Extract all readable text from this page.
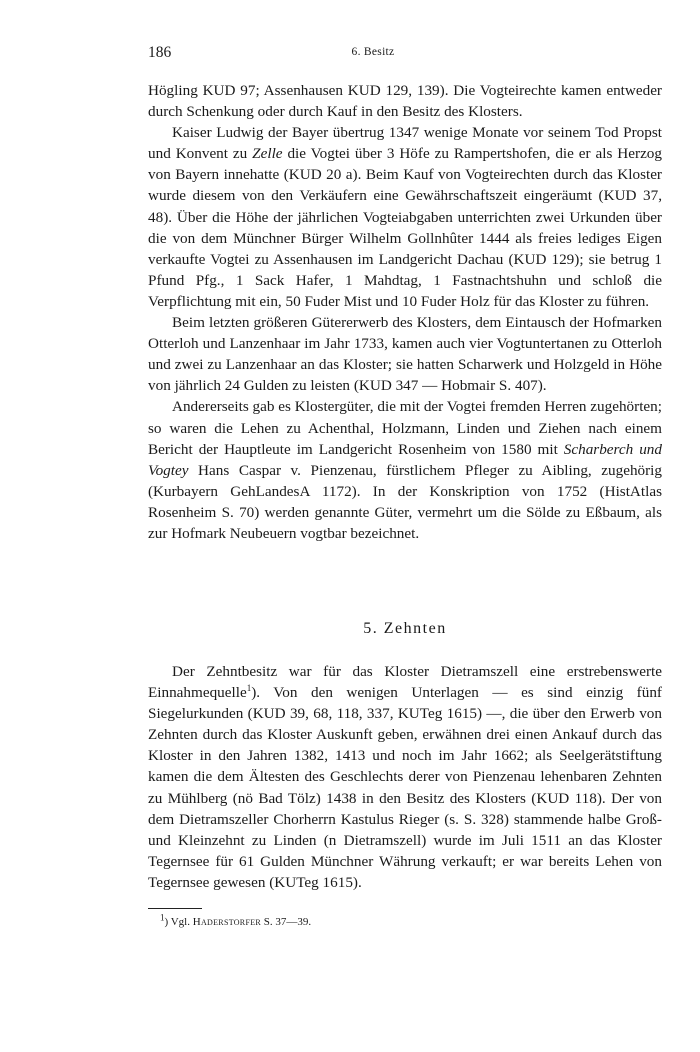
186	6. Besitz

Högling KUD 97; Assenhausen KUD 129, 139). Die Vogteirechte kamen entweder durch Schenkung oder durch Kauf in den Besitz des Klosters.

Kaiser Ludwig der Bayer übertrug 1347 wenige Monate vor seinem Tod Propst und Konvent zu Zelle die Vogtei über 3 Höfe zu Rampertshofen, die er als Herzog von Bayern innehatte (KUD 20 a). Beim Kauf von Vogteirechten durch das Kloster wurde diesem von den Verkäufern eine Gewährschaftszeit eingeräumt (KUD 37, 48). Über die Höhe der jährlichen Vogteiabgaben unterrichten zwei Urkunden über die von dem Münchner Bürger Wilhelm Gollnhûter 1444 als freies lediges Eigen verkaufte Vogtei zu Assenhausen im Landgericht Dachau (KUD 129); sie betrug 1 Pfund Pfg., 1 Sack Hafer, 1 Mahdtag, 1 Fastnachtshuhn und schloß die Verpflichtung mit ein, 50 Fuder Mist und 10 Fuder Holz für das Kloster zu führen.

Beim letzten größeren Gütererwerb des Klosters, dem Eintausch der Hofmarken Otterloh und Lanzenhaar im Jahr 1733, kamen auch vier Vogtuntertanen zu Otterloh und zwei zu Lanzenhaar an das Kloster; sie hatten Scharwerk und Holzgeld in Höhe von jährlich 24 Gulden zu leisten (KUD 347 — Hobmair S. 407).

Andererseits gab es Klostergüter, die mit der Vogtei fremden Herren zugehörten; so waren die Lehen zu Achenthal, Holzmann, Linden und Ziehen nach einem Bericht der Hauptleute im Landgericht Rosenheim von 1580 mit Scharberch und Vogtey Hans Caspar v. Pienzenau, fürstlichem Pfleger zu Aibling, zugehörig (Kurbayern GehLandesA 1172). In der Konskription von 1752 (HistAtlas Rosenheim S. 70) werden genannte Güter, vermehrt um die Sölde zu Eßbaum, als zur Hofmark Neubeuern vogtbar bezeichnet.

5. Zehnten

Der Zehntbesitz war für das Kloster Dietramszell eine erstrebenswerte Einnahmequelle$^1$). Von den wenigen Unterlagen — es sind einzig fünf Siegelurkunden (KUD 39, 68, 118, 337, KUTeg 1615) —, die über den Erwerb von Zehnten durch das Kloster Auskunft geben, erwähnen drei einen Ankauf durch das Kloster in den Jahren 1382, 1413 und noch im Jahr 1662; als Seelgerätstiftung kamen die dem Ältesten des Geschlechts derer von Pienzenau lehenbaren Zehnten zu Mühlberg (nö Bad Tölz) 1438 in den Besitz des Klosters (KUD 118). Der von dem Dietramszeller Chorherrn Kastulus Rieger (s. S. 328) stammende halbe Groß- und Kleinzehnt zu Linden (n Dietramszell) wurde im Juli 1511 an das Kloster Tegernsee für 61 Gulden Münchner Währung verkauft; er war bereits Lehen von Tegernsee gewesen (KUTeg 1615).

$^1$) Vgl. Haderstorfer S. 37—39.
